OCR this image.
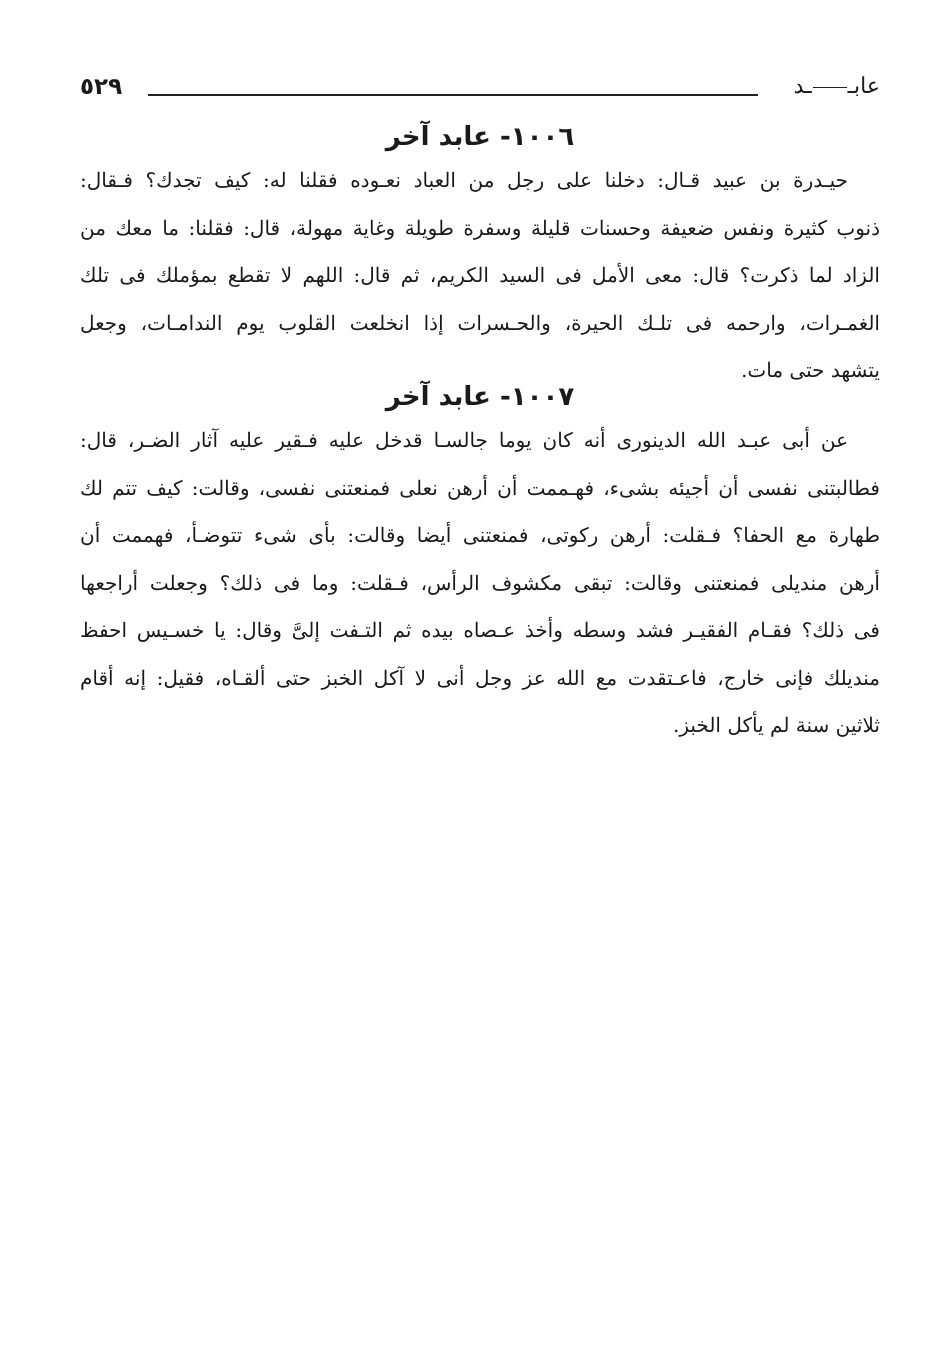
عابــد
٥٢٩
١٠٠٦- عابد آخر
حيـدرة بن عبيد قـال: دخلنا على رجل من العباد نعـوده فقلنا له: كيف تجدك؟ فـقال:
ذنوب كثيرة ونفس ضعيفة وحسنات قليلة وسفرة طويلة وغاية مهولة، قال: فقلنا: ما معك من
الزاد لما ذكرت؟ قال: معى الأمل فى السيد الكريم، ثم قال: اللهم لا تقطع بمؤملك فى تلك
الغمـرات، وارحمه فى تلـك الحيرة، والحـسرات إذا انخلعت القلوب يوم الندامـات، وجعل
يتشهد حتى مات.
١٠٠٧- عابد آخر
عن أبى عبـد الله الدينورى أنه كان يوما جالسـا قدخل عليه فـقير عليه آثار الضـر، قال:
فطالبتنى نفسى أن أجيئه بشىء، فهـممت أن أرهن نعلى فمنعتنى نفسى، وقالت: كيف تتم لك
طهارة مع الحفا؟ فـقلت: أرهن ركوتى، فمنعتنى أيضا وقالت: بأى شىء تتوضـأ، فهممت أن
أرهن منديلى فمنعتنى وقالت: تبقى مكشوف الرأس، فـقلت: وما فى ذلك؟ وجعلت أراجعها
فى ذلك؟ فقـام الفقيـر فشد وسطه وأخذ عـصاه بيده ثم التـفت إلىَّ وقال: يا خسـيس احفظ
منديلك فإنى خارج، فاعـتقدت مع الله عز وجل أنى لا آكل الخبز حتى ألقـاه، فقيل: إنه أقام
ثلاثين سنة لم يأكل الخبز.
